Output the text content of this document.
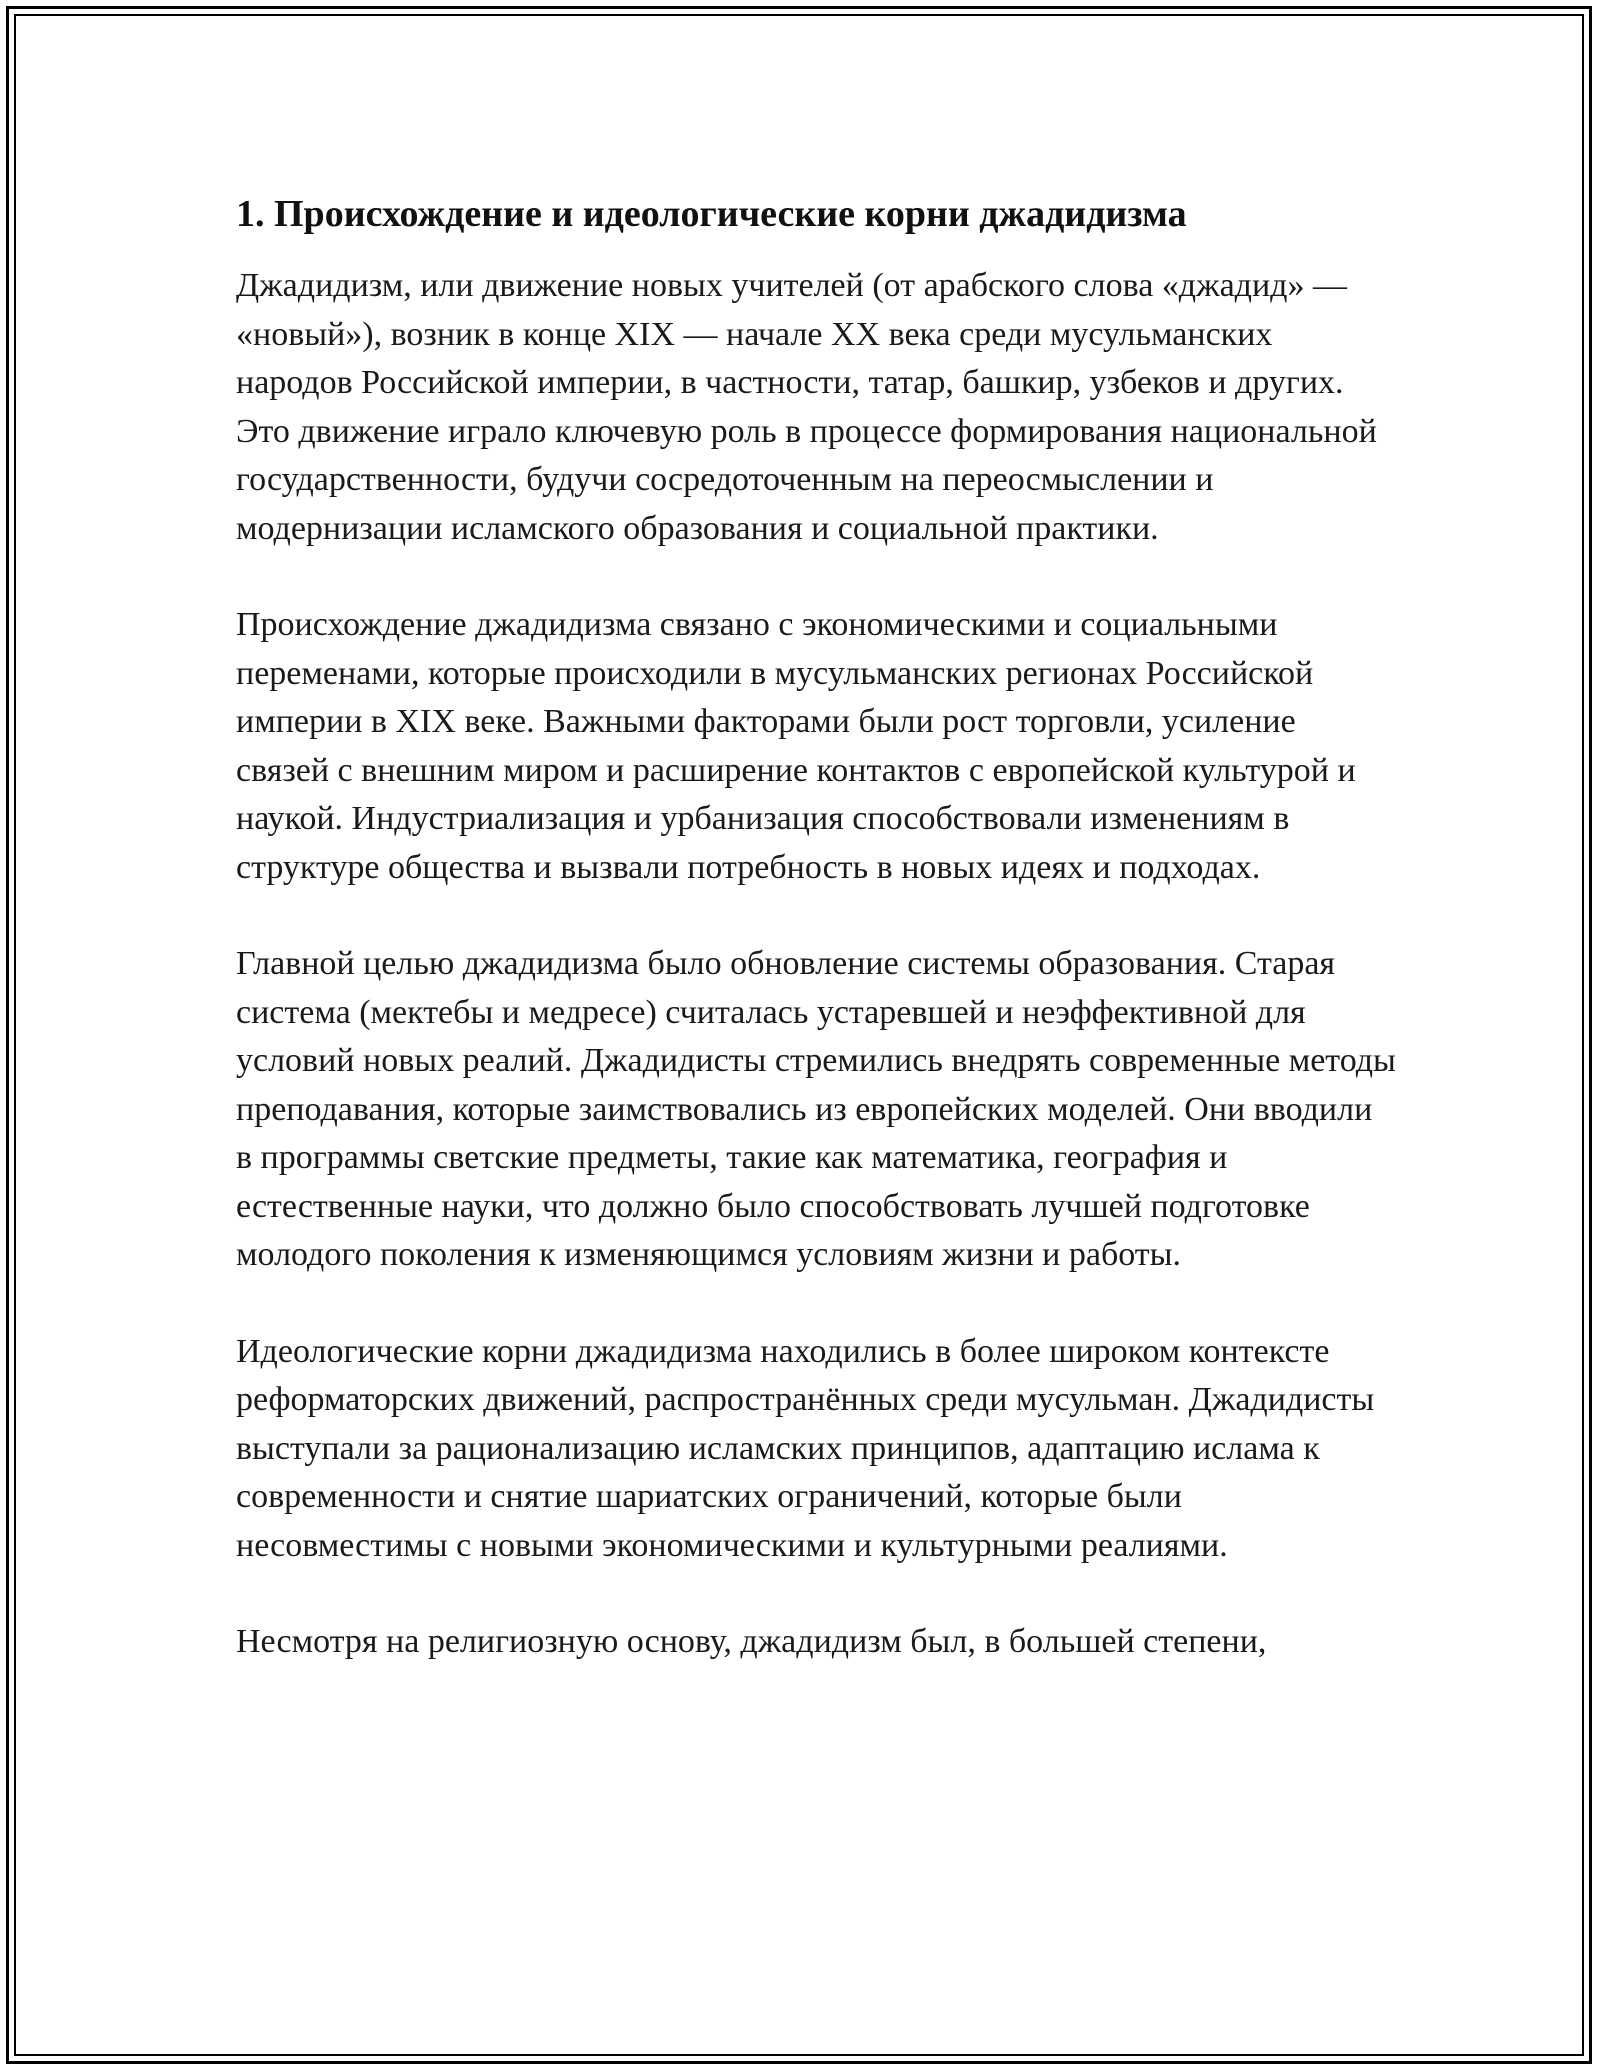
1. Происхождение и идеологические корни джадидизма

Джадидизм, или движение новых учителей (от арабского слова «джадид» — «новый»), возник в конце XIX — начале XX века среди мусульманских народов Российской империи, в частности, татар, башкир, узбеков и других. Это движение играло ключевую роль в процессе формирования национальной государственности, будучи сосредоточенным на переосмыслении и модернизации исламского образования и социальной практики.

Происхождение джадидизма связано с экономическими и социальными переменами, которые происходили в мусульманских регионах Российской империи в XIX веке. Важными факторами были рост торговли, усиление связей с внешним миром и расширение контактов с европейской культурой и наукой. Индустриализация и урбанизация способствовали изменениям в структуре общества и вызвали потребность в новых идеях и подходах.

Главной целью джадидизма было обновление системы образования. Старая система (мектебы и медресе) считалась устаревшей и неэффективной для условий новых реалий. Джадидисты стремились внедрять современные методы преподавания, которые заимствовались из европейских моделей. Они вводили в программы светские предметы, такие как математика, география и естественные науки, что должно было способствовать лучшей подготовке молодого поколения к изменяющимся условиям жизни и работы.

Идеологические корни джадидизма находились в более широком контексте реформаторских движений, распространённых среди мусульман. Джадидисты выступали за рационализацию исламских принципов, адаптацию ислама к современности и снятие шариатских ограничений, которые были несовместимы с новыми экономическими и культурными реалиями.

Несмотря на религиозную основу, джадидизм был, в большей степени,
